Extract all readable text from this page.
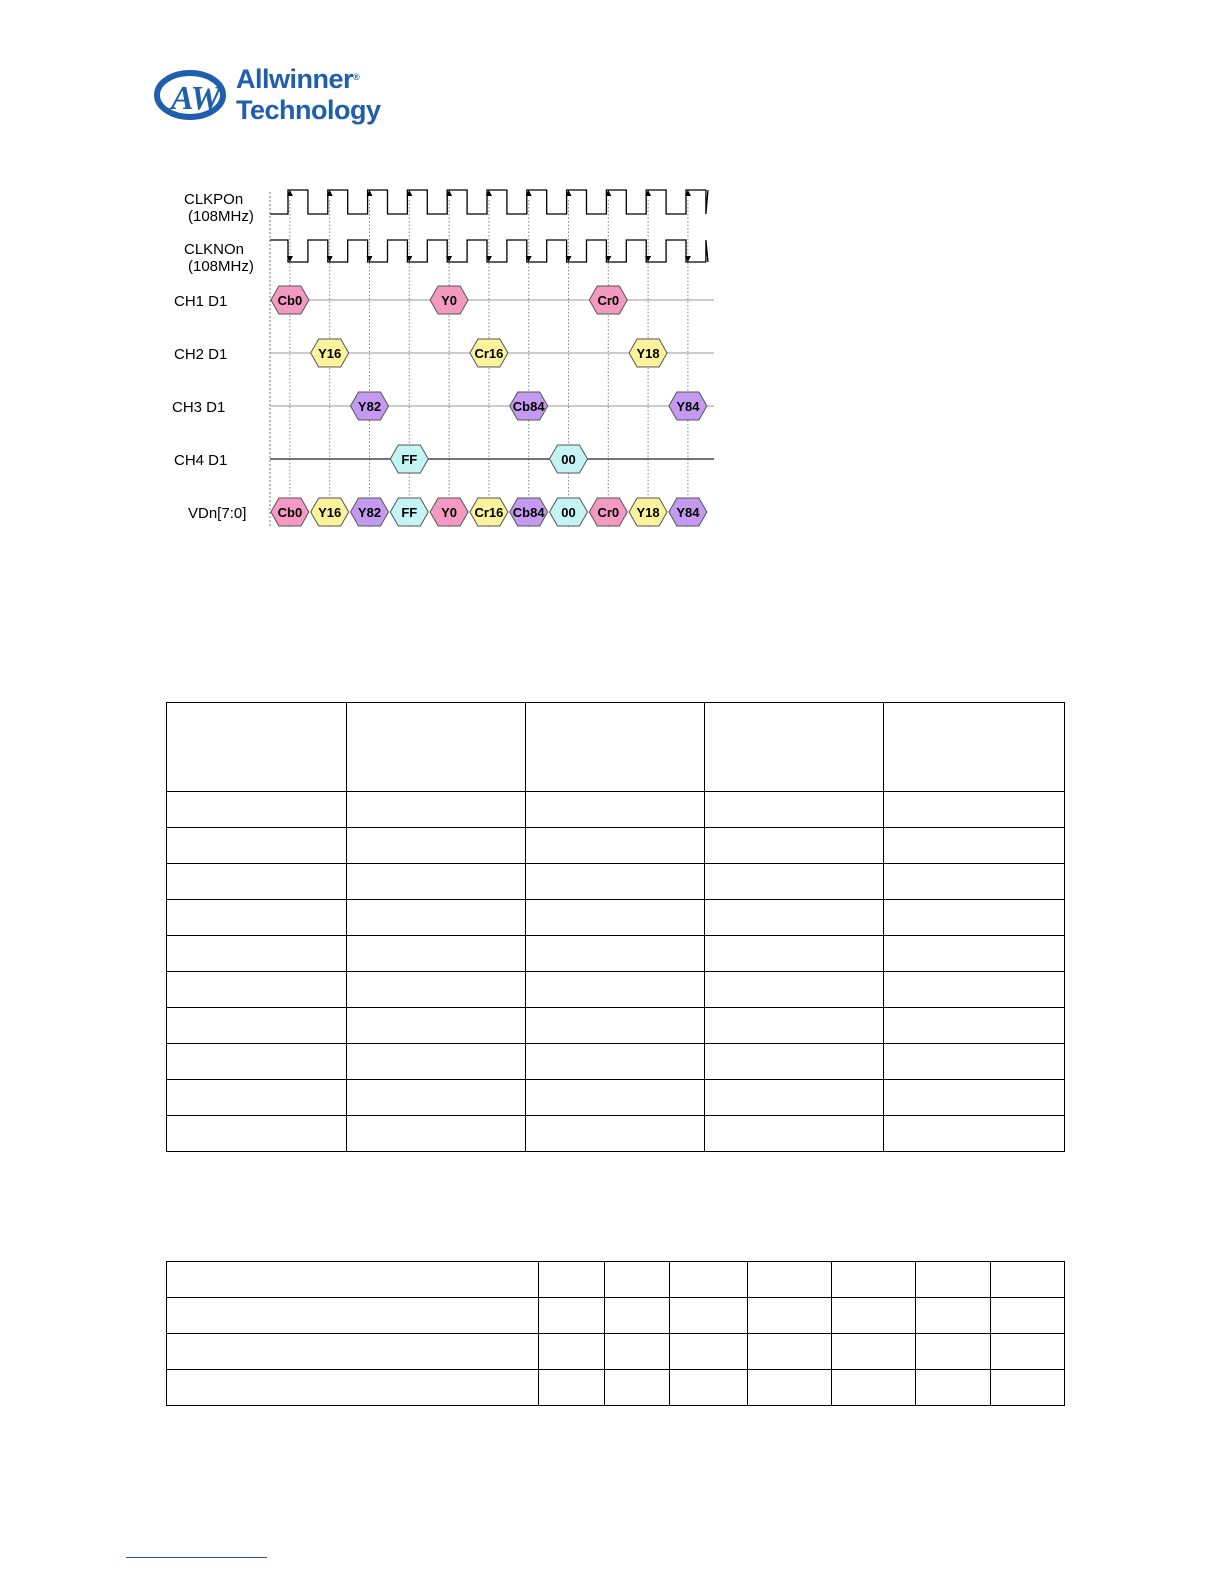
AW
Allwinner®
Technology
CLKPOn
(108MHz)
CLKNOn
(108MHz)
CH1 D1	Cb0	Y0	Cr0
CH2 D1	Y16	Cr16	Y18
CH3 D1	Y82	Cb84	Y84
CH4 D1	FF	00
VDn[7:0] Cb0 Y16 Y82 FF Y0 Cr16 Cb84 00 Cr0 Y18 Y84
